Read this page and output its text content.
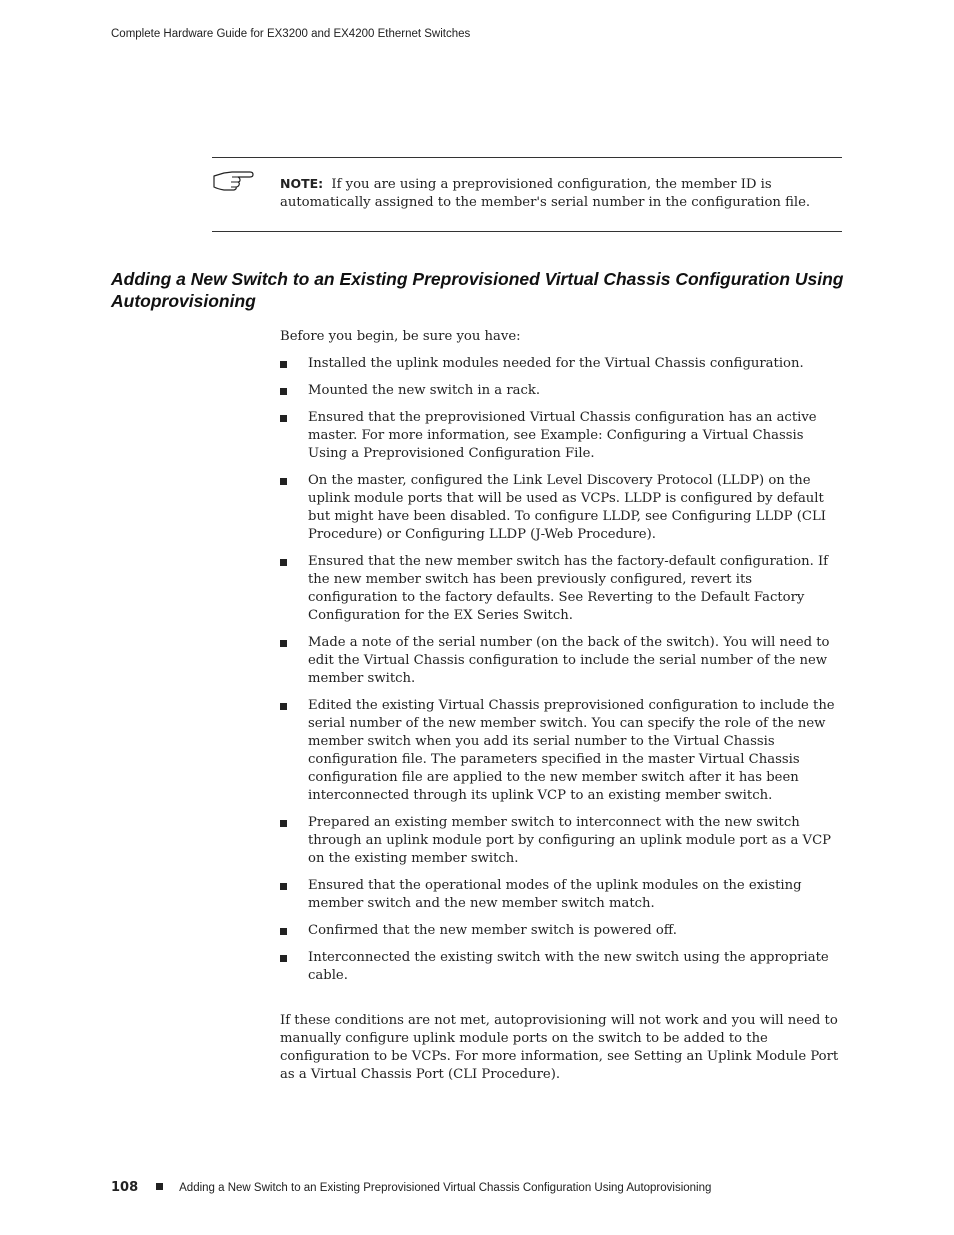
Complete Hardware Guide for EX3200 and EX4200 Ethernet Switches
NOTE: If you are using a preprovisioned configuration, the member ID is automatically assigned to the member's serial number in the configuration file.
Adding a New Switch to an Existing Preprovisioned Virtual Chassis Configuration Using Autoprovisioning

Before you begin, be sure you have:

Installed the uplink modules needed for the Virtual Chassis configuration.
Mounted the new switch in a rack.
Ensured that the preprovisioned Virtual Chassis configuration has an active master. For more information, see Example: Configuring a Virtual Chassis Using a Preprovisioned Configuration File.
On the master, configured the Link Level Discovery Protocol (LLDP) on the uplink module ports that will be used as VCPs. LLDP is configured by default but might have been disabled. To configure LLDP, see Configuring LLDP (CLI Procedure) or Configuring LLDP (J-Web Procedure).
Ensured that the new member switch has the factory-default configuration. If the new member switch has been previously configured, revert its configuration to the factory defaults. See Reverting to the Default Factory Configuration for the EX Series Switch.
Made a note of the serial number (on the back of the switch). You will need to edit the Virtual Chassis configuration to include the serial number of the new member switch.
Edited the existing Virtual Chassis preprovisioned configuration to include the serial number of the new member switch. You can specify the role of the new member switch when you add its serial number to the Virtual Chassis configuration file. The parameters specified in the master Virtual Chassis configuration file are applied to the new member switch after it has been interconnected through its uplink VCP to an existing member switch.
Prepared an existing member switch to interconnect with the new switch through an uplink module port by configuring an uplink module port as a VCP on the existing member switch.
Ensured that the operational modes of the uplink modules on the existing member switch and the new member switch match.
Confirmed that the new member switch is powered off.
Interconnected the existing switch with the new switch using the appropriate cable.

If these conditions are not met, autoprovisioning will not work and you will need to manually configure uplink module ports on the switch to be added to the configuration to be VCPs. For more information, see Setting an Uplink Module Port as a Virtual Chassis Port (CLI Procedure).

108	Adding a New Switch to an Existing Preprovisioned Virtual Chassis Configuration Using Autoprovisioning
